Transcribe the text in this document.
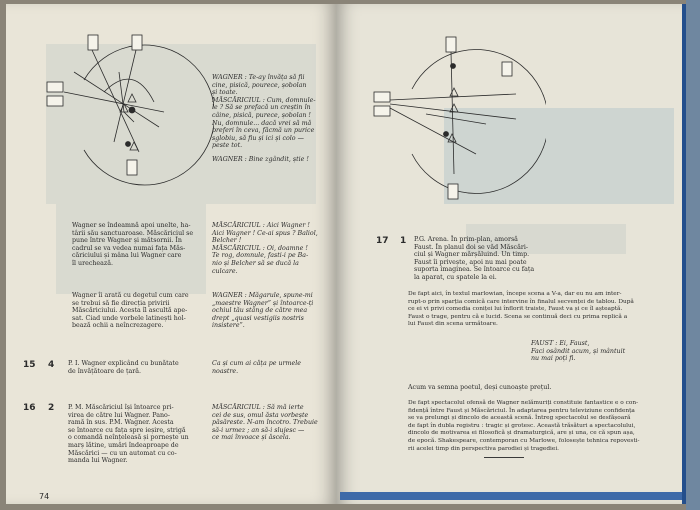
WAGNER : Te-ay învăța să fii
cine, pisică, pourece, șobolan
și toate.
MĂSCĂRICIUL : Cum, domnule-
le ? Să se prefacă un creștin în
câine, pisică, purece, șobolan !
Nu, domnule... dacă vrei să mă
preferi în ceva, făcmă un purice
sglobiu, să fiu și ici și colo —
peste tot.
WAGNER : Bine zgândit, știe !
Wagner se îndeamnă apoi unelte, ha-
târii său sanctuaroase. Măscăriciul se
pune între Wagner și mătsornii. În
cadrul se va vedea numai fața Măs-
căriciului și mâna lui Wagner care
îl urechează.
MĂSCĂRICIUL : Aici Wagner !
Aici Wagner ! Ce-ai spus ? Baliol,
Belcher !
MĂSCĂRICIUL : Oi, doamne !
Te rog, domnule, fasti-i pe Ba-
nio și Belcher să se ducă la
culcare.
Wagner îi arată cu degetul cum care
se trebui să fie direcția privirii
Măscăriciului. Acesta îl ascultă ape-
sat. Ciad unde vorbele latinești hol-
bează ochii a neîncrezagere.
WAGNER : Măgarule, spune-mi
„maestre Wagner” și întoarce-ți
ochiul tău stâng de către mea
drept „quasi vestigiis nostris
insistere”.
15 4 P. I. Wagner explicând cu bunătate
de învățătoare de țară.
Ca și cum ai căța pe urmele
noastre.
16 2 P. M. Măscăriciul își întoarce pri-
virea de către lui Wagner. Pano-
ramă în sus. P.M. Wagner. Acesta
se întoarce cu fața spre ieșire, strigă
o comandă neînțeleasă și pornește un
marș lătine, umări îndeaproape de
Măscărici — cu un automat cu co-
manda lui Wagner.
MĂSCĂRICIUL : Să mă ierte
cei de sus, omul ăsta vorbește
păsăreste. N-am încotro. Trebuie
să-i urmez ; an să-i slujesc —
ce mai învoace și ăscela.
74
17 1 P.G. Arena. În prim-plan, amorsă
Faust. În planul doi se văd Măscări-
ciul și Wagner mărșăluind. Un timp.
Faust îi privește, apoi nu mai poate
suporta imaginea. Se întoarce cu fața
la aparat, cu spatele la ei.
De fapt aici, în textul marlowian, începe scena a V-a, dar eu nu am inter-
rupt-o prin sparția comică care intervine în finalul secvenței de tablou. După
ce ei vi privi comedia coniței lui înflorit traiste, Faust va și ce îl așteaptă.
Faust o trage, pentru că e lucid. Scena se continuă deci cu prima replică a
lui Faust din scena următoare.
FAUST : Ei, Faust,
Faci osândit acum, și mântuit
nu mai poți fi.
Acum va semna poetul, deși cunoaște prețul.
De fapt spectacolul ofensă de Wagner nelămuriți constituie fantastice e o con-
fidență între Faust și Măscăriciul. În adaptarea pentru televiziune confidența
se va prelungi și dincolo de această scenă. Întreg spectacolul se desfășoară
de fapt în dubla registru : tragic și grotesc. Această trăsături a spectacolului,
dincolo de motivarea ei filosofică și dramaturgică, are și una, ce că spun așa,
de epocă. Shakespeare, contemporan cu Marlowe, folosește tehnica repovesti-
rii acelei timp din perspectiva parodiei și tragediei.
